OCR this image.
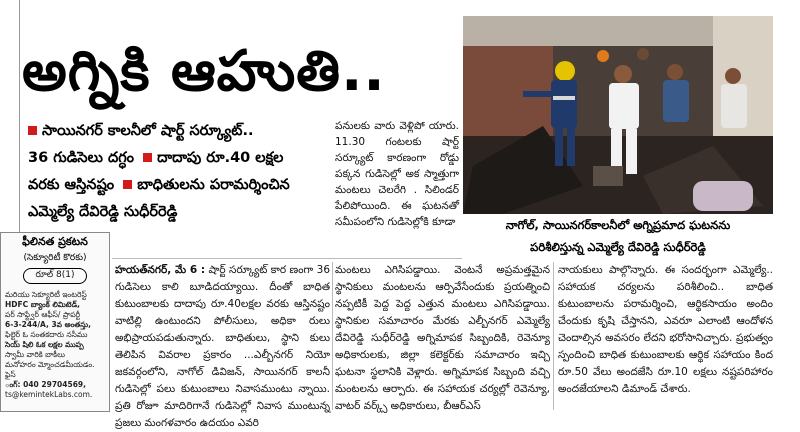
అగ్నికి ఆహుతి..
సాయినగర్ కాలనీలో షార్ట్ సర్క్యూట్..
36 గుడిసెలు దగ్ధం దాదాపు రూ.40 లక్షల
వరకు ఆస్తినష్టం బాధితులను పరామర్శించిన
ఎమ్మెల్యే దేవిరెడ్డి సుధీర్‌రెడ్డి
నాగోల్, సాయినగర్‌కాలనీలో అగ్నిప్రమాద ఘటనను
పరిశీలిస్తున్న ఎమ్మెల్యే దేవిరెడ్డి సుధీర్‌రెడ్డి
పనులకు వారు వెళ్లిపో యారు. 11.30 గంటలకు షార్ట్ సర్క్యూట్ కారణంగా రోడ్డు పక్కన గుడిసెల్లో అక స్మాత్తుగా మంటలు చెలరేగి . సిలిండర్ పేలిపోయింది. ఈ ఘటనతో సమీపంలోని గుడిసెల్లోకి కూడా
హయత్‌నగర్, మే 6 : షార్ట్ సర్క్యూట్ కార ణంగా 36 గుడిసెలు కాలి బూడిదయ్యాయి. దీంతో బాధిత కుటుంబాలకు దాదాపు రూ.40లక్షల వరకు ఆస్తినష్టం వాటిల్లి ఉంటుందని పోలీసులు, అధికా రులు అభిప్రాయపడుతున్నారు. బాధితులు, స్థాని కులు తెలిపిన వివరాల ప్రకారం ...ఎల్బీనగర్ నియో జకవర్గంలోని, నాగోల్ డివిజన్, సాయినగర్ కాలనీ గుడిసెల్లో పలు కుటుంబాలు నివాసముంటు న్నాయి. ప్రతి రోజూ మాదిరిగానే గుడిసెల్లో నివాస ముంటున్న ప్రజలు మంగళవారం ఉదయం ఎవరి
మంటలు ఎగిసిపడ్డాయి. వెంటనే అప్రమత్తమైన స్థానికులు మంటలను ఆర్పివేసేందుకు ప్రయత్నించి నప్పటికీ పెద్ద పెద్ద ఎత్తున మంటలు ఎగిసిపడ్డాయి. స్థానికుల సమాచారం మేరకు ఎల్బీనగర్ ఎమ్మెల్యే దేవిరెడ్డి సుధీర్‌రెడ్డి అగ్నిమాపక సిబ్బందికి, రెవెన్యూ అధికారులకు, జిల్లా కలెక్టర్‌కు సమాచారం ఇచ్చి ఘటనా స్థలానికి వెళ్లారు. అగ్నిమాపక సిబ్బంది వచ్చి మంటలను ఆర్పారు. ఈ సహాయక చర్యల్లో రెవెన్యూ, వాటర్ వర్క్స్ అధికారులు, బీఆర్‌ఎస్
నాయకులు పాల్గొన్నారు. ఈ సందర్భంగా ఎమ్మెల్యే.. సహాయక చర్యలను పరిశీలించి.. బాధిత కుటుంబాలను పరామర్శించి, ఆర్థికసాయం అందిం చేందుకు కృషి చేస్తానని, ఎవరూ ఎలాంటి ఆందోళన చెందాల్సిన అవసరం లేదని భరోసానిచ్చారు. ప్రభుత్వం స్పందించి బాధిత కుటుంబాలకు ఆర్థిక సహాయం కింద రూ.50 వేలు అందజేసి రూ.10 లక్షలు నష్టపరిహారం అందజేయాలని డిమాండ్ చేశారు.
ఫీలినత ప్రకటన
(సెక్యూరిటీ కొరకు)
రూల్ 8(1)
మరియు సెక్యూరిటీ ఇంటరెస్ట్
HDFC బ్యాంక్ లిమిటెడ్,
పర్ సాఫ్ట్వేర్ ఆఫీస్/ ప్రాపర్టీ
6-3-244/A, 3వ అంతస్తు,
ఫిల్టెర్ ఓ సంతకదారు నసీము
సెయ్ షిలి ఓక లక్షల ముప్ప
స్వామీ వారికి బాకీలు
మనోహరం మ్మోంచడమీయడం. ఫైస్
ంగ్‌: 040 29704569,
ts@kemintekLabs.com.
